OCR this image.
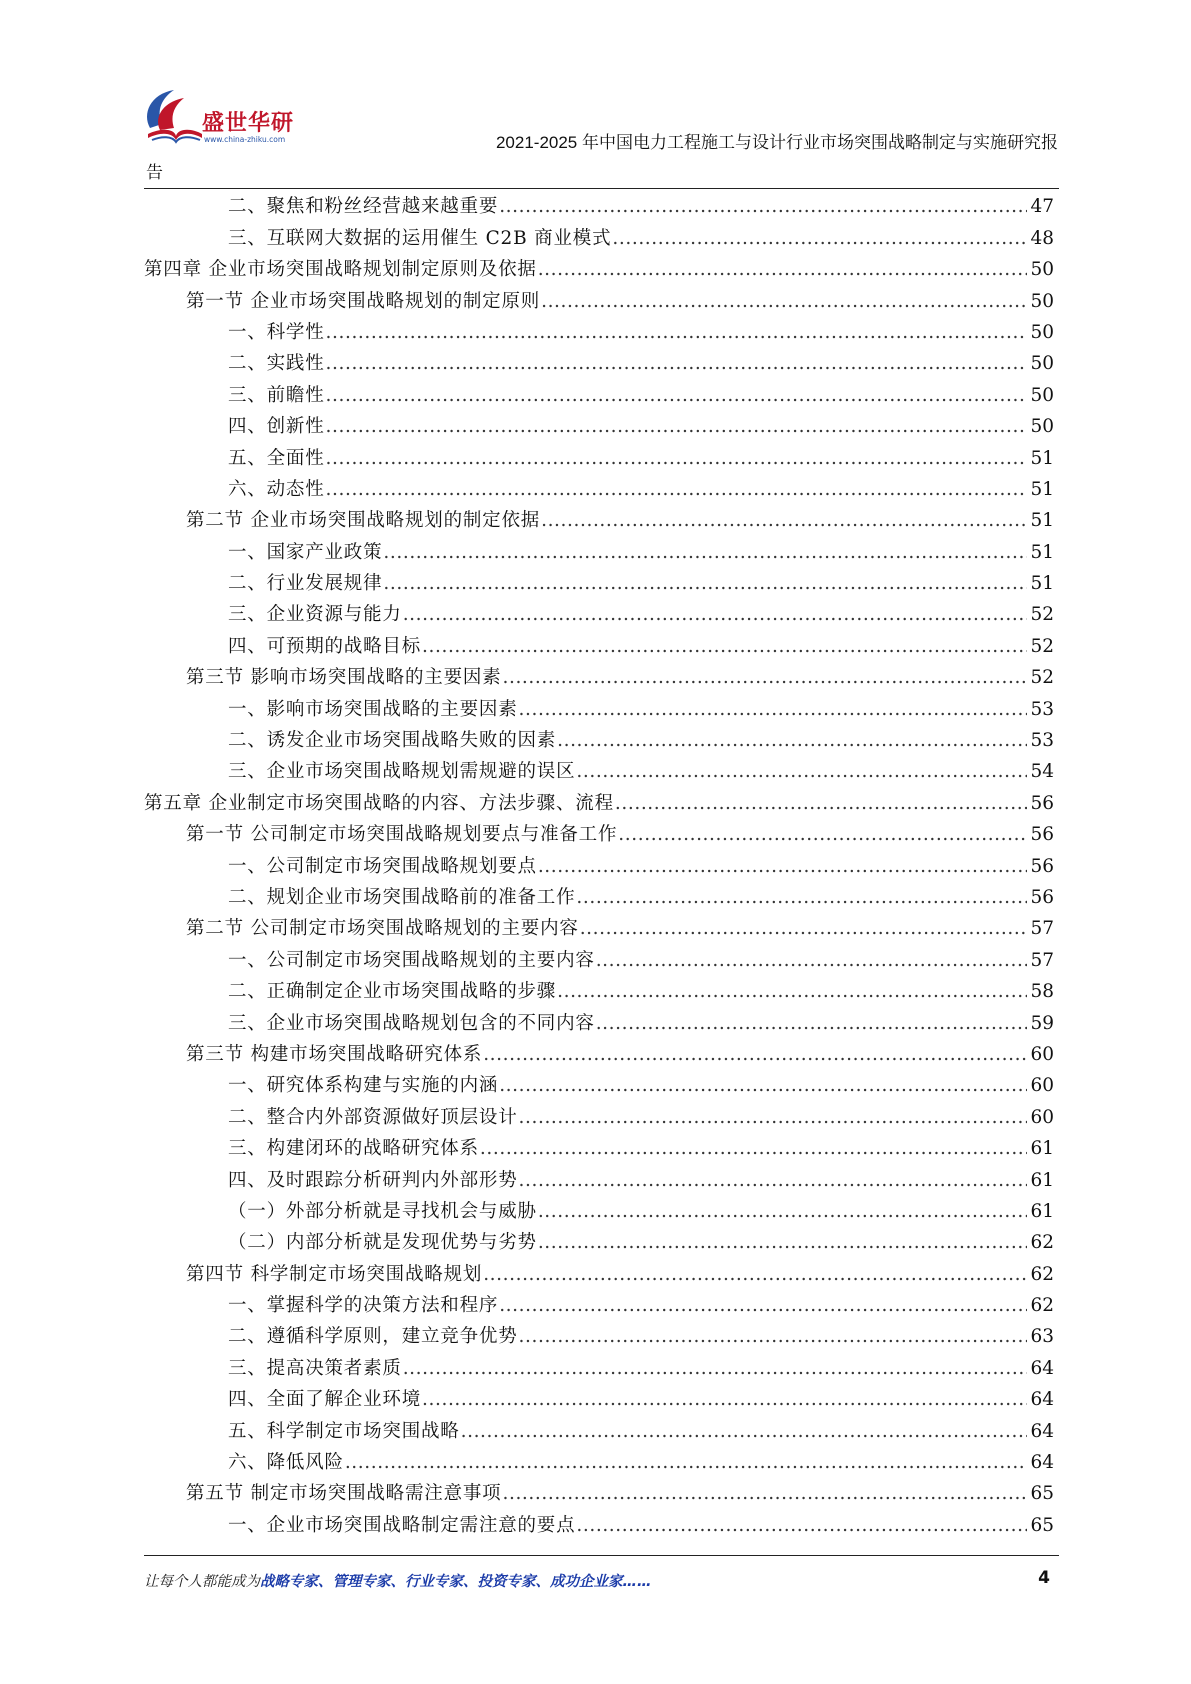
盛世华研
www.china-zhiku.com	2021-2025 年中国电力工程施工与设计行业市场突围战略制定与实施研究报
告
二、聚焦和粉丝经营越来越重要 .....	47
三、互联网大数据的运用催生 C2B 商业模式 .....	48
第四章 企业市场突围战略规划制定原则及依据 .....	50
第一节 企业市场突围战略规划的制定原则 .....	50
一、科学性 .....	50
二、实践性 .....	50
三、前瞻性 .....	50
四、创新性 .....	50
五、全面性 .....	51
六、动态性 .....	51
第二节 企业市场突围战略规划的制定依据 .....	51
一、国家产业政策 .....	51
二、行业发展规律 .....	51
三、企业资源与能力 .....	52
四、可预期的战略目标 .....	52
第三节 影响市场突围战略的主要因素 .....	52
一、影响市场突围战略的主要因素 .....	53
二、诱发企业市场突围战略失败的因素 .....	53
三、企业市场突围战略规划需规避的误区 .....	54
第五章 企业制定市场突围战略的内容、方法步骤、流程 .....	56
第一节 公司制定市场突围战略规划要点与准备工作 .....	56
一、公司制定市场突围战略规划要点 .....	56
二、规划企业市场突围战略前的准备工作 .....	56
第二节 公司制定市场突围战略规划的主要内容 .....	57
一、公司制定市场突围战略规划的主要内容 .....	57
二、正确制定企业市场突围战略的步骤 .....	58
三、企业市场突围战略规划包含的不同内容 .....	59
第三节 构建市场突围战略研究体系 .....	60
一、研究体系构建与实施的内涵 .....	60
二、整合内外部资源做好顶层设计 .....	60
三、构建闭环的战略研究体系 .....	61
四、及时跟踪分析研判内外部形势 .....	61
（一）外部分析就是寻找机会与威胁 .....	61
（二）内部分析就是发现优势与劣势 .....	62
第四节 科学制定市场突围战略规划 .....	62
一、掌握科学的决策方法和程序 .....	62
二、遵循科学原则，建立竞争优势 .....	63
三、提高决策者素质 .....	64
四、全面了解企业环境 .....	64
五、科学制定市场突围战略 .....	64
六、降低风险 .....	64
第五节 制定市场突围战略需注意事项 .....	65
一、企业市场突围战略制定需注意的要点 .....	65
让每个人都能成为战略专家、管理专家、行业专家、投资专家、成功企业家……	4
